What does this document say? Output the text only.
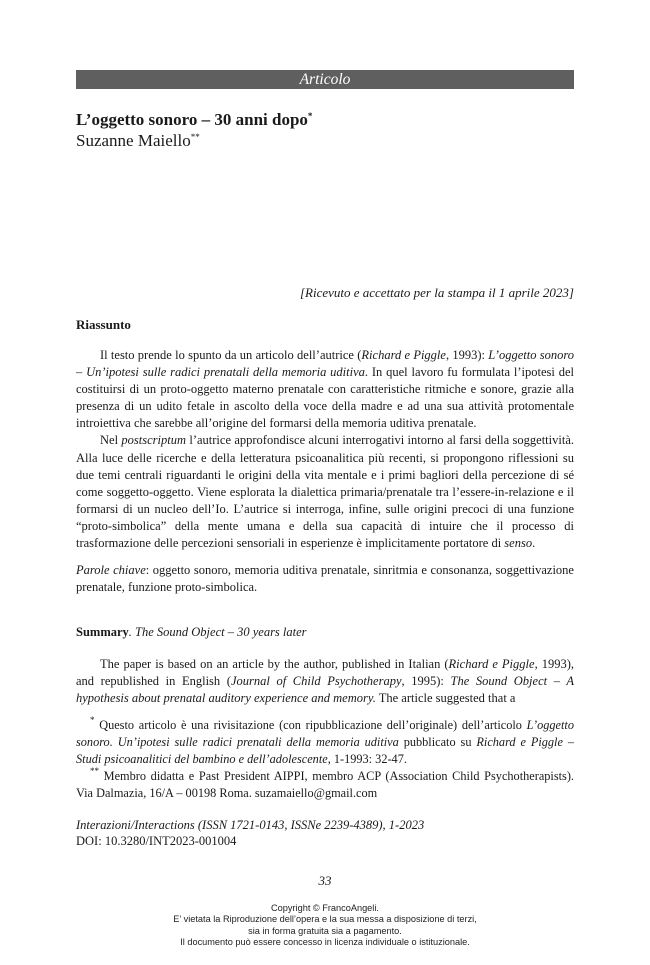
Articolo
L’oggetto sonoro – 30 anni dopo*
Suzanne Maiello**
[Ricevuto e accettato per la stampa il 1 aprile 2023]
Riassunto

Il testo prende lo spunto da un articolo dell’autrice (Richard e Piggle, 1993): L’oggetto sonoro – Un’ipotesi sulle radici prenatali della memoria uditiva. In quel lavoro fu formulata l’ipotesi del costituirsi di un proto-oggetto materno prenatale con caratteristiche ritmiche e sonore, grazie alla presenza di un udito fetale in ascolto della voce della madre e ad una sua attività protomentale introiettiva che sarebbe all’origine del formarsi della memoria uditiva prenatale.

Nel postscriptum l’autrice approfondisce alcuni interrogativi intorno al farsi della soggettività. Alla luce delle ricerche e della letteratura psicoanalitica più recenti, si propongono riflessioni su due temi centrali riguardanti le origini della vita mentale e i primi bagliori della percezione di sé come soggetto-oggetto. Viene esplorata la dialettica primaria/prenatale tra l’essere-in-relazione e il formarsi di un nucleo dell’Io. L’autrice si interroga, infine, sulle origini precoci di una funzione “proto-simbolica” della mente umana e della sua capacità di intuire che il processo di trasformazione delle percezioni sensoriali in esperienze è implicitamente portatore di senso.

Parole chiave: oggetto sonoro, memoria uditiva prenatale, sinritmia e consonanza, soggettivazione prenatale, funzione proto-simbolica.

Summary. The Sound Object – 30 years later

The paper is based on an article by the author, published in Italian (Richard e Piggle, 1993), and republished in English (Journal of Child Psychotherapy, 1995): The Sound Object – A hypothesis about prenatal auditory experience and memory. The article suggested that a

* Questo articolo è una rivisitazione (con ripubblicazione dell’originale) dell’articolo L’oggetto sonoro. Un’ipotesi sulle radici prenatali della memoria uditiva pubblicato su Richard e Piggle – Studi psicoanalitici del bambino e dell’adolescente, 1-1993: 32-47.

** Membro didatta e Past President AIPPI, membro ACP (Association Child Psychotherapists). Via Dalmazia, 16/A – 00198 Roma. suzamaiello@gmail.com

Interazioni/Interactions (ISSN 1721-0143, ISSNe 2239-4389), 1-2023
DOI: 10.3280/INT2023-001004
33
Copyright © FrancoAngeli.
E’ vietata la Riproduzione dell’opera e la sua messa a disposizione di terzi,
sia in forma gratuita sia a pagamento.
Il documento può essere concesso in licenza individuale o istituzionale.
